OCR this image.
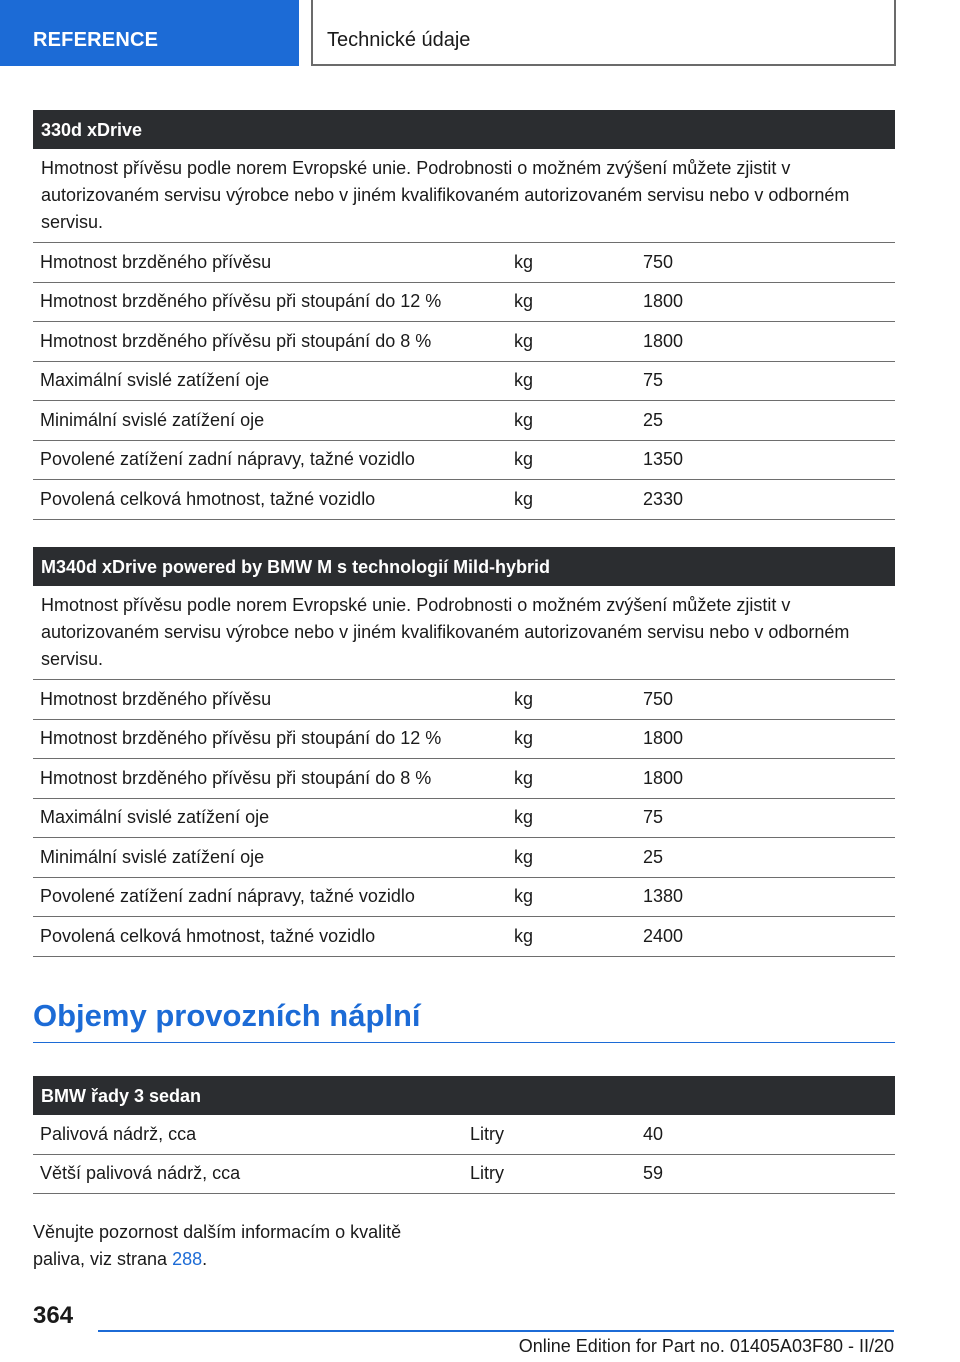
REFERENCE	Technické údaje
330d xDrive
Hmotnost přívěsu podle norem Evropské unie. Podrobnosti o možném zvýšení můžete zjistit v autorizovaném servisu výrobce nebo v jiném kvalifikovaném autorizovaném servisu nebo v odborném servisu.
Hmotnost brzděného přívěsu	kg	750
Hmotnost brzděného přívěsu při stoupání do 12 %	kg	1800
Hmotnost brzděného přívěsu při stoupání do 8 %	kg	1800
Maximální svislé zatížení oje	kg	75
Minimální svislé zatížení oje	kg	25
Povolené zatížení zadní nápravy, tažné vozidlo	kg	1350
Povolená celková hmotnost, tažné vozidlo	kg	2330
M340d xDrive powered by BMW M s technologií Mild-hybrid
Hmotnost přívěsu podle norem Evropské unie. Podrobnosti o možném zvýšení můžete zjistit v autorizovaném servisu výrobce nebo v jiném kvalifikovaném autorizovaném servisu nebo v odborném servisu.
Hmotnost brzděného přívěsu	kg	750
Hmotnost brzděného přívěsu při stoupání do 12 %	kg	1800
Hmotnost brzděného přívěsu při stoupání do 8 %	kg	1800
Maximální svislé zatížení oje	kg	75
Minimální svislé zatížení oje	kg	25
Povolené zatížení zadní nápravy, tažné vozidlo	kg	1380
Povolená celková hmotnost, tažné vozidlo	kg	2400
Objemy provozních náplní
BMW řady 3 sedan
Palivová nádrž, cca	Litry	40
Větší palivová nádrž, cca	Litry	59
Věnujte pozornost dalším informacím o kvalitě paliva, viz strana 288.
364
Online Edition for Part no. 01405A03F80 - II/20
